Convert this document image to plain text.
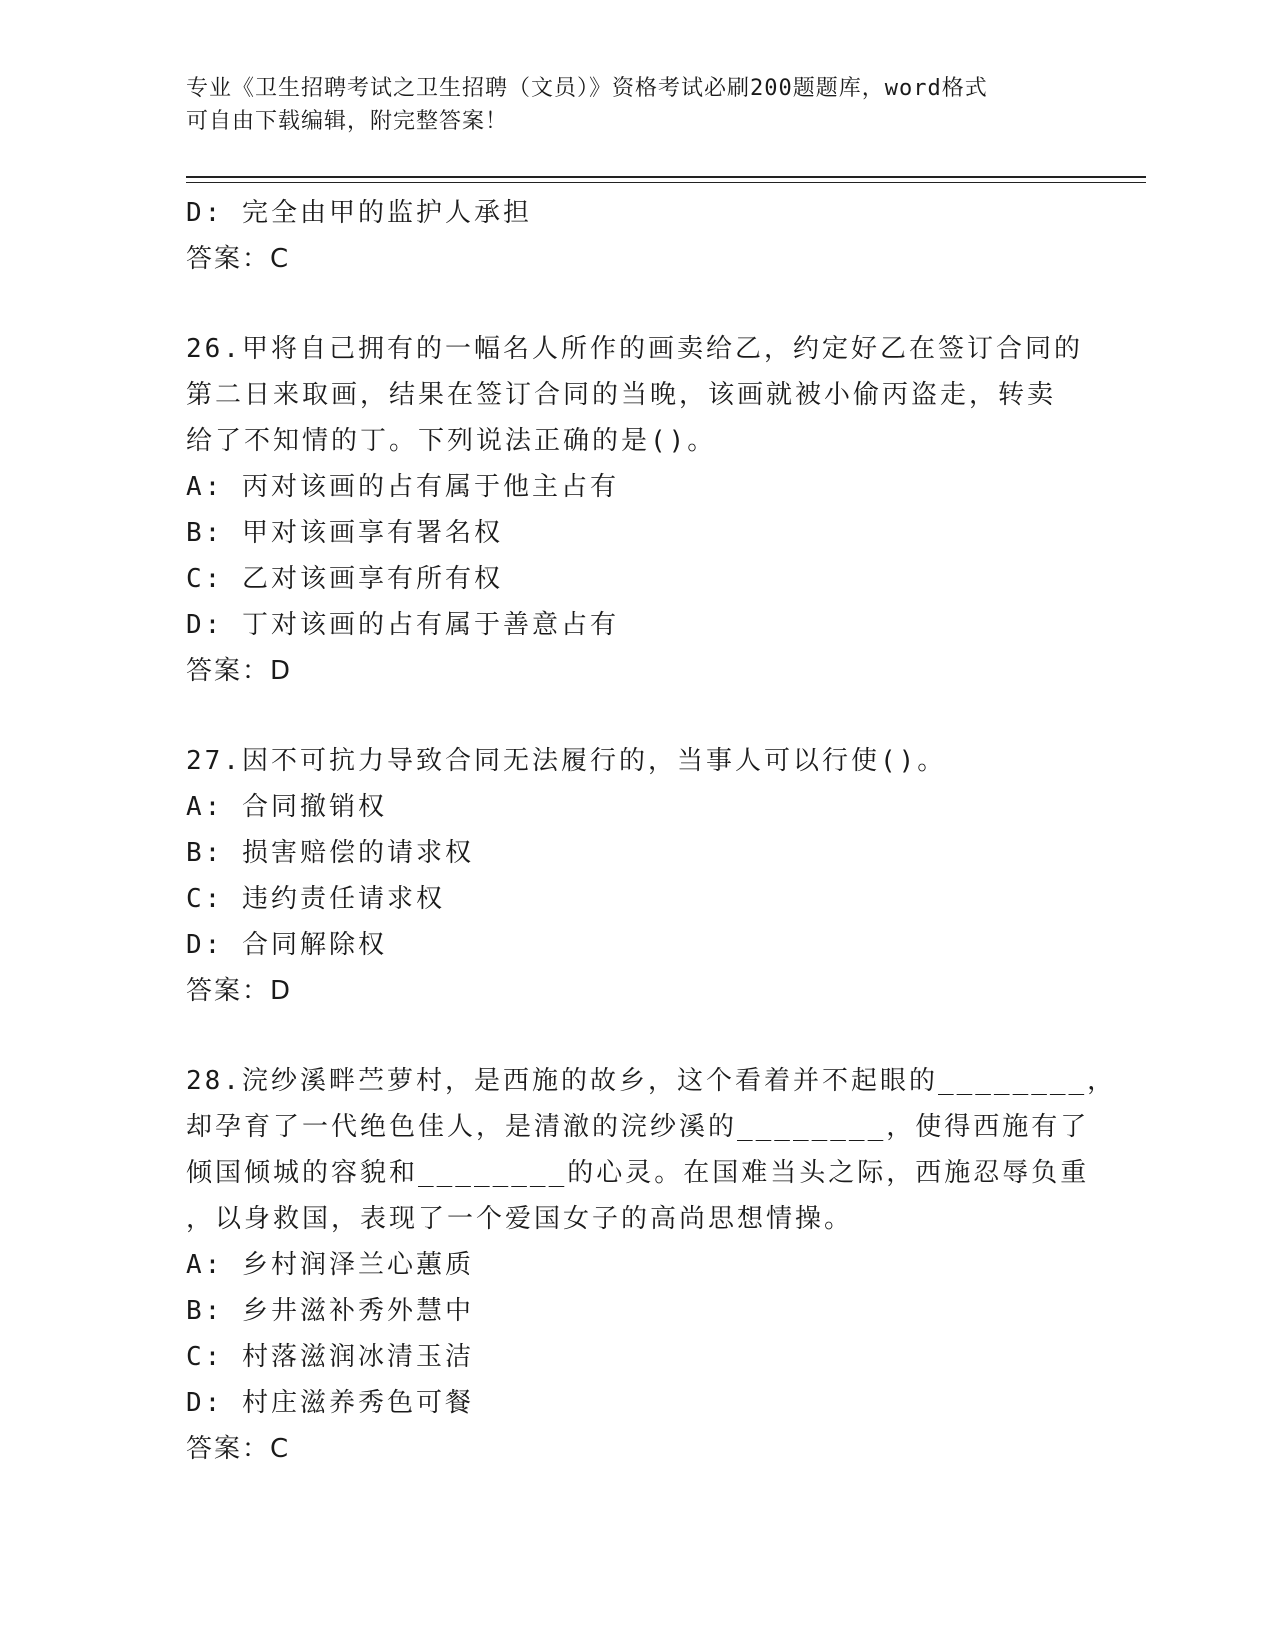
专业《卫生招聘考试之卫生招聘（文员）》资格考试必刷200题题库，word格式
可自由下载编辑，附完整答案！
D: 完全由甲的监护人承担
答案：C
26.甲将自己拥有的一幅名人所作的画卖给乙，约定好乙在签订合同的
第二日来取画，结果在签订合同的当晚，该画就被小偷丙盗走，转卖
给了不知情的丁。下列说法正确的是()。
A: 丙对该画的占有属于他主占有
B: 甲对该画享有署名权
C: 乙对该画享有所有权
D: 丁对该画的占有属于善意占有
答案：D
27.因不可抗力导致合同无法履行的，当事人可以行使()。
A: 合同撤销权
B: 损害赔偿的请求权
C: 违约责任请求权
D: 合同解除权
答案：D
28.浣纱溪畔苎萝村，是西施的故乡，这个看着并不起眼的________，
却孕育了一代绝色佳人，是清澈的浣纱溪的________，使得西施有了
倾国倾城的容貌和________的心灵。在国难当头之际，西施忍辱负重
，以身救国，表现了一个爱国女子的高尚思想情操。
A: 乡村润泽兰心蕙质
B: 乡井滋补秀外慧中
C: 村落滋润冰清玉洁
D: 村庄滋养秀色可餐
答案：C
